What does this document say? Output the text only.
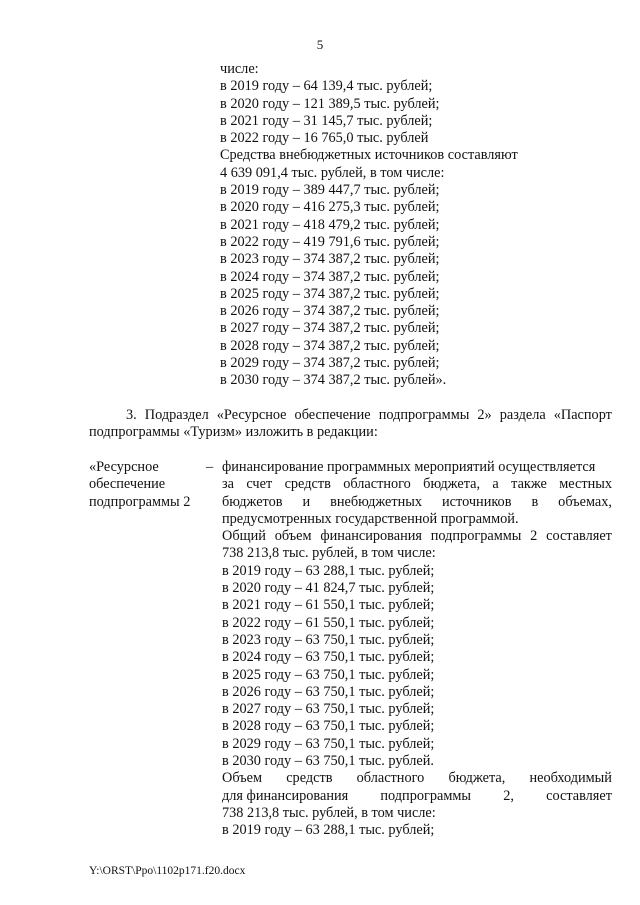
5
числе:
в 2019 году – 64 139,4 тыс. рублей;
в 2020 году – 121 389,5 тыс. рублей;
в 2021 году – 31 145,7 тыс. рублей;
в 2022 году – 16 765,0 тыс. рублей
Средства внебюджетных источников составляют
4 639 091,4 тыс. рублей, в том числе:
в 2019 году – 389 447,7 тыс. рублей;
в 2020 году – 416 275,3 тыс. рублей;
в 2021 году – 418 479,2 тыс. рублей;
в 2022 году – 419 791,6 тыс. рублей;
в 2023 году – 374 387,2 тыс. рублей;
в 2024 году – 374 387,2 тыс. рублей;
в 2025 году – 374 387,2 тыс. рублей;
в 2026 году – 374 387,2 тыс. рублей;
в 2027 году – 374 387,2 тыс. рублей;
в 2028 году – 374 387,2 тыс. рублей;
в 2029 году – 374 387,2 тыс. рублей;
в 2030 году – 374 387,2 тыс. рублей».
3. Подраздел «Ресурсное обеспечение подпрограммы 2» раздела «Паспорт
подпрограммы «Туризм» изложить в редакции:
«Ресурсное
обеспечение
подпрограммы 2
– финансирование программных мероприятий осуществляется
за счет средств областного бюджета, а также местных
бюджетов и внебюджетных источников в объемах,
предусмотренных государственной программой.
Общий объем финансирования подпрограммы 2 составляет
738 213,8 тыс. рублей, в том числе:
в 2019 году – 63 288,1 тыс. рублей;
в 2020 году – 41 824,7 тыс. рублей;
в 2021 году – 61 550,1 тыс. рублей;
в 2022 году – 61 550,1 тыс. рублей;
в 2023 году – 63 750,1 тыс. рублей;
в 2024 году – 63 750,1 тыс. рублей;
в 2025 году – 63 750,1 тыс. рублей;
в 2026 году – 63 750,1 тыс. рублей;
в 2027 году – 63 750,1 тыс. рублей;
в 2028 году – 63 750,1 тыс. рублей;
в 2029 году – 63 750,1 тыс. рублей;
в 2030 году – 63 750,1 тыс. рублей.
Объем средств областного бюджета, необходимый
для финансирования подпрограммы 2, составляет
738 213,8 тыс. рублей, в том числе:
в 2019 году – 63 288,1 тыс. рублей;
Y:\ORST\Ppo\1102p171.f20.docx
